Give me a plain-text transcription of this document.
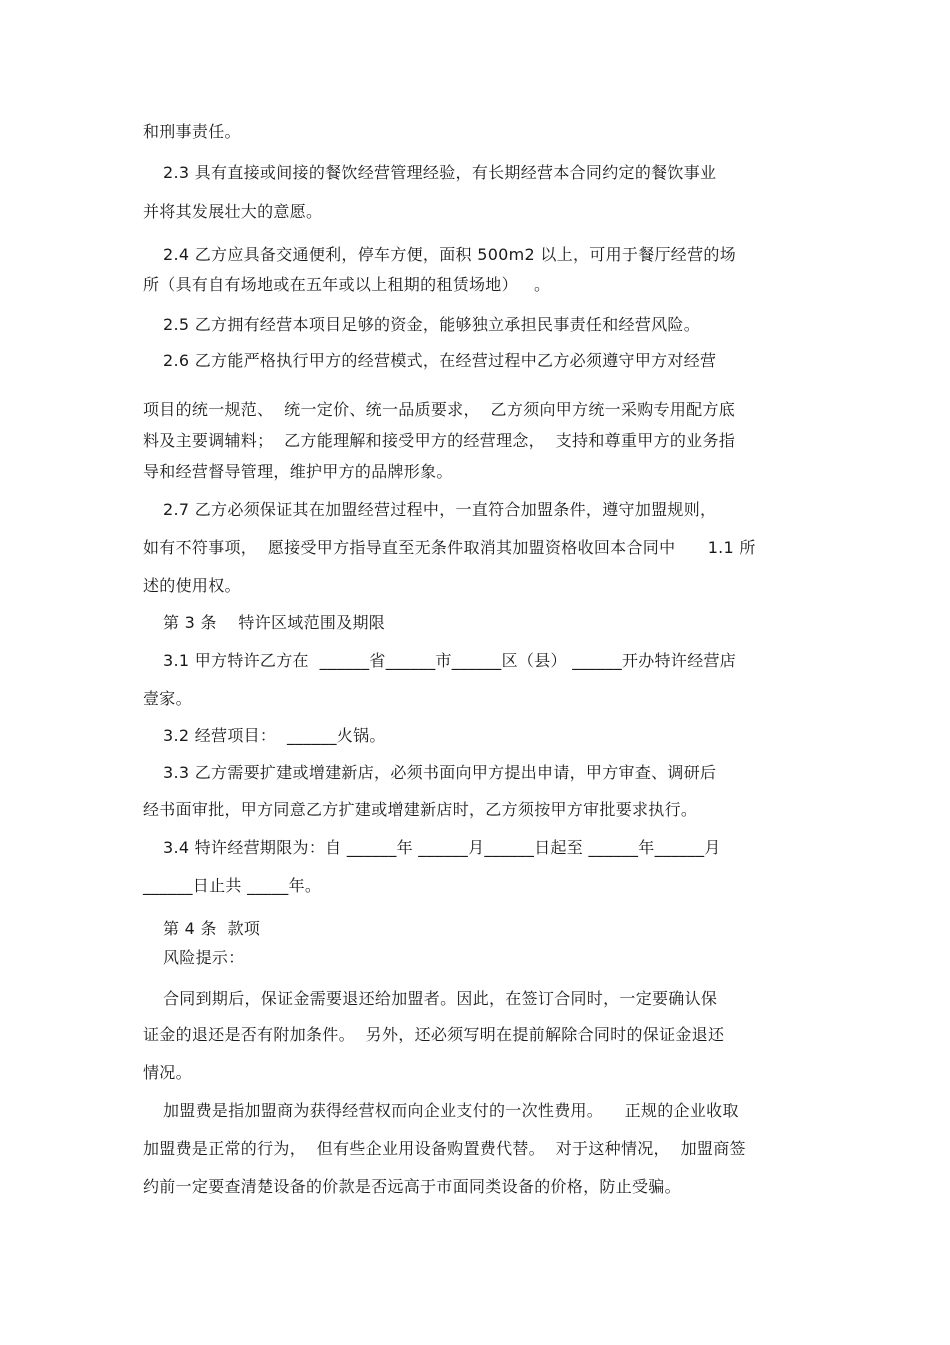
和刑事责任。
2.3 具有直接或间接的餐饮经营管理经验，有长期经营本合同约定的餐饮事业
并将其发展壮大的意愿。
2.4 乙方应具备交通便利，停车方便，面积 500m2 以上，可用于餐厅经营的场
所（具有自有场地或在五年或以上租期的租赁场地）   。
2.5 乙方拥有经营本项目足够的资金，能够独立承担民事责任和经营风险。
2.6 乙方能严格执行甲方的经营模式，在经营过程中乙方必须遵守甲方对经营
项目的统一规范、  统一定价、统一品质要求，  乙方须向甲方统一采购专用配方底
料及主要调辅料；  乙方能理解和接受甲方的经营理念，  支持和尊重甲方的业务指
导和经营督导管理，维护甲方的品牌形象。
2.7 乙方必须保证其在加盟经营过程中，一直符合加盟条件，遵守加盟规则，
如有不符事项，  愿接受甲方指导直至无条件取消其加盟资格收回本合同中      1.1 所
述的使用权。
第 3 条    特许区域范围及期限
3.1 甲方特许乙方在  ______省______市______区（县） ______开办特许经营店
壹家。
3.2 经营项目：  ______火锅。
3.3 乙方需要扩建或增建新店，必须书面向甲方提出申请，甲方审查、调研后
经书面审批，甲方同意乙方扩建或增建新店时，乙方须按甲方审批要求执行。
3.4 特许经营期限为：自 ______年 ______月______日起至 ______年______月
______日止共 _____年。
第 4 条  款项
风险提示：
合同到期后，保证金需要退还给加盟者。因此，在签订合同时，一定要确认保
证金的退还是否有附加条件。  另外，还必须写明在提前解除合同时的保证金退还
情况。
加盟费是指加盟商为获得经营权而向企业支付的一次性费用。    正规的企业收取
加盟费是正常的行为，  但有些企业用设备购置费代替。  对于这种情况，  加盟商签
约前一定要查清楚设备的价款是否远高于市面同类设备的价格，防止受骗。
